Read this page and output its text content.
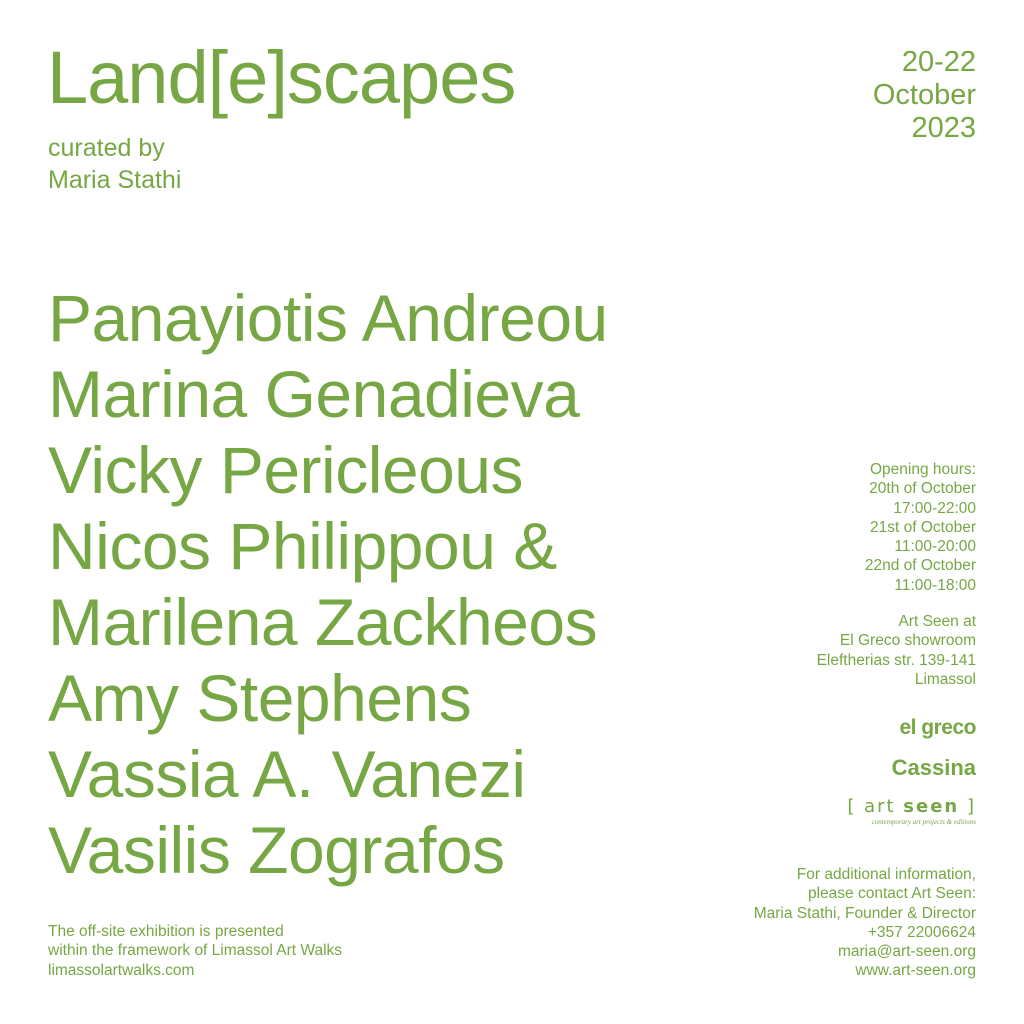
Land[e]scapes
curated by
Maria Stathi
20-22
October
2023
Panayiotis Andreou
Marina Genadieva
Vicky Pericleous
Nicos Philippou &
Marilena Zackheos
Amy Stephens
Vassia A. Vanezi
Vasilis Zografos
Opening hours:
20th of October
17:00-22:00
21st of October
11:00-20:00
22nd of October
11:00-18:00
Art Seen at
El Greco showroom
Eleftherias str. 139-141
Limassol
el greco
Cassina
[ art seen ]
contemporary art projects & editions
For additional information,
please contact Art Seen:
Maria Stathi, Founder & Director
+357 22006624
maria@art-seen.org
www.art-seen.org
The off-site exhibition is presented
within the framework of Limassol Art Walks
limassolartwalks.com
